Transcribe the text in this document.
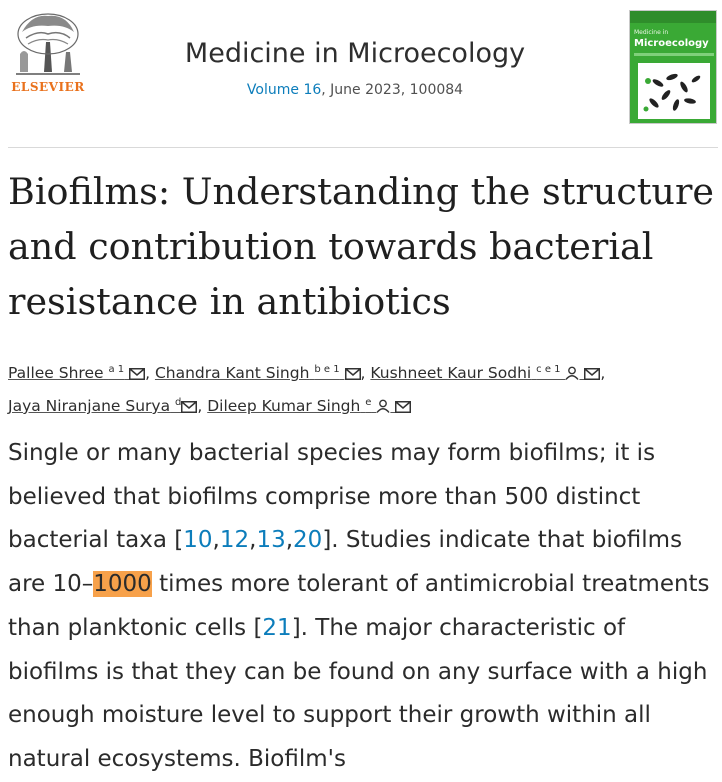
ELSEVIER
Medicine in Microecology
Volume 16, June 2023, 100084
Medicine in
Microecology
Biofilms: Understanding the structure and contribution towards bacterial resistance in antibiotics
Pallee Shree $^{a 1}$ , Chandra Kant Singh $^{b e 1}$ , Kushneet Kaur Sodhi $^{c e 1}$	,
Jaya Niranjane Surya $^d$ , Dileep Kumar Singh $^e$

Single or many bacterial species may form biofilms; it is believed that biofilms comprise more than 500 distinct bacterial taxa [10,12,13,20]. Studies indicate that biofilms are 10–1000 times more tolerant of antimicrobial treatments than planktonic cells [21]. The major characteristic of biofilms is that they can be found on any surface with a high enough moisture level to support their growth within all natural ecosystems. Biofilm's
